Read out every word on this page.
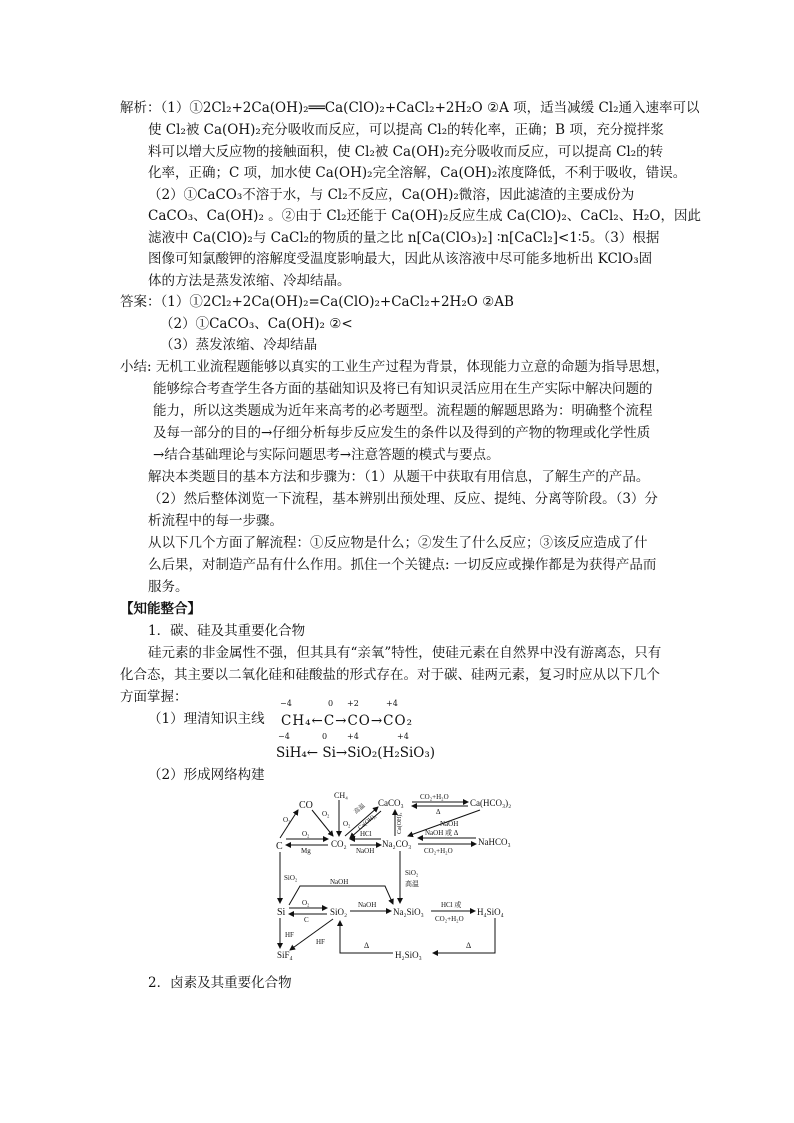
解析：（1）①2Cl₂+2Ca(OH)₂══Ca(ClO)₂+CaCl₂+2H₂O ②A 项，适当减缓 Cl₂通入速率可以
使 Cl₂被 Ca(OH)₂充分吸收而反应，可以提高 Cl₂的转化率，正确；B 项，充分搅拌浆
料可以增大反应物的接触面积，使 Cl₂被 Ca(OH)₂充分吸收而反应，可以提高 Cl₂的转
化率，正确；C 项，加水使 Ca(OH)₂完全溶解，Ca(OH)₂浓度降低，不利于吸收，错误。
（2）①CaCO₃不溶于水，与 Cl₂不反应，Ca(OH)₂微溶，因此滤渣的主要成份为
CaCO₃、Ca(OH)₂ 。②由于 Cl₂还能于 Ca(OH)₂反应生成 Ca(ClO)₂、CaCl₂、H₂O，因此
滤液中 Ca(ClO)₂与 CaCl₂的物质的量之比 n[Ca(ClO₃)₂] ∶n[CaCl₂]<1∶5。（3）根据
图像可知氯酸钾的溶解度受温度影响最大，因此从该溶液中尽可能多地析出 KClO₃固
体的方法是蒸发浓缩、冷却结晶。
答案：（1）①2Cl₂+2Ca(OH)₂=Ca(ClO)₂+CaCl₂+2H₂O ②AB
（2）①CaCO₃、Ca(OH)₂ ②<
（3）蒸发浓缩、冷却结晶
小结: 无机工业流程题能够以真实的工业生产过程为背景，体现能力立意的命题为指导思想，
能够综合考查学生各方面的基础知识及将已有知识灵活应用在生产实际中解决问题的
能力，所以这类题成为近年来高考的必考题型。流程题的解题思路为：明确整个流程
及每一部分的目的→仔细分析每步反应发生的条件以及得到的产物的物理或化学性质
→结合基础理论与实际问题思考→注意答题的模式与要点。
解决本类题目的基本方法和步骤为：（1）从题干中获取有用信息，了解生产的产品。
（2）然后整体浏览一下流程，基本辨别出预处理、反应、提纯、分离等阶段。（3）分
析流程中的每一步骤。
从以下几个方面了解流程：①反应物是什么；②发生了什么反应；③该反应造成了什
么后果，对制造产品有什么作用。抓住一个关键点: 一切反应或操作都是为获得产品而
服务。
【知能整合】
1．碳、硅及其重要化合物
硅元素的非金属性不强，但其具有“亲氧”特性，使硅元素在自然界中没有游离态，只有
化合态，其主要以二氧化硅和硅酸盐的形式存在。对于碳、硅两元素，复习时应从以下几个
方面掌握：
（1）理清知识主线
−4	0 +2	+4
CH₄←C→CO→CO₂
−4	0 +4	+4
SiH₄← Si→SiO₂(H₂SiO₃)
（2）形成网络构建
CO
CH₄
CaCO₃	Ca(HCO₃)₂
C	CO₂	Na₂CO₃	NaHCO₃
Si	SiO₂	Na₂SiO₃	H₄SiO₄
H₂SiO₃
SiF₄
O₂
O₂
O₂
O₂
Mg
高温
Ca(OH)₂
HCl
NaOH
CO₂+H₂O
Δ
NaOH
Ca(OH)₂	NaOH 或 Δ
CO₂+H₂O
SiO₂	NaOH
SiO₂
高温
O₂
C
NaOH	HCl 或
CO₂+H₂O
Δ
Δ
HF
HF
2．卤素及其重要化合物
